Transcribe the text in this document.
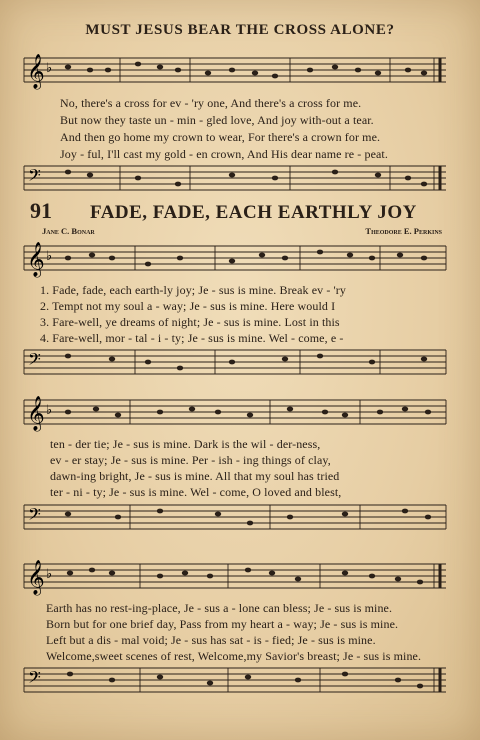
MUST JESUS BEAR THE CROSS ALONE?
𝄞 ♭
No, there's a cross for ev - 'ry one, And there's a cross for me.
But now they taste un - min - gled love, And joy with-out a tear.
And then go home my crown to wear, For there's a crown for me.
Joy - ful, I'll cast my gold - en crown, And His dear name re - peat.
𝄢
91 FADE, FADE, EACH EARTHLY JOY
Jane C. Bonar	Theodore E. Perkins
𝄞 ♭
1. Fade, fade, each earth-ly joy; Je - sus is mine. Break ev - 'ry
2. Tempt not my soul a - way; Je - sus is mine. Here would I
3. Fare-well, ye dreams of night; Je - sus is mine. Lost in this
4. Fare-well, mor - tal - i - ty; Je - sus is mine. Wel - come, e -
𝄢
𝄞 ♭
ten - der tie; Je - sus is mine. Dark is the wil - der-ness,
ev - er stay; Je - sus is mine. Per - ish - ing things of clay,
dawn-ing bright, Je - sus is mine. All that my soul has tried
ter - ni - ty; Je - sus is mine. Wel - come, O loved and blest,
𝄢
𝄞 ♭
Earth has no rest-ing-place, Je - sus a - lone can bless; Je - sus is mine.
Born but for one brief day, Pass from my heart a - way; Je - sus is mine.
Left but a dis - mal void; Je - sus has sat - is - fied; Je - sus is mine.
Welcome,sweet scenes of rest, Welcome,my Savior's breast; Je - sus is mine.
𝄢
